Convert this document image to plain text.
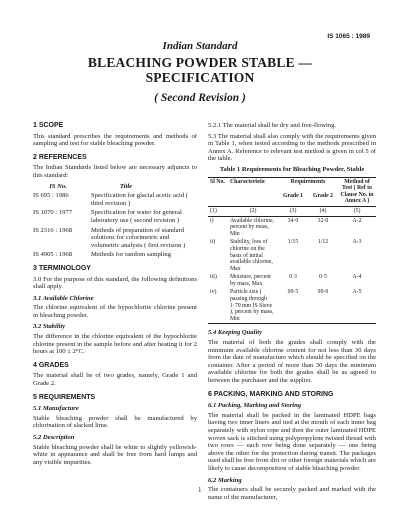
IS 1065 : 1989
Indian Standard
BLEACHING POWDER STABLE —
SPECIFICATION
( Second Revision )
1 SCOPE

This standard prescribes the requirements and methods of sampling and test for stable bleaching powder.

2 REFERENCES

The Indian Standards listed below are necessary adjuncts to this standard:

IS No.	Title
IS 695 : 1986	Specification for glacial acetic acid ( third revision )
IS 1070 : 1977	Specification for water for general laboratory use ( second revision )
IS 2316 : 1968	Methods of preparation of standard solutions for colorimetric and volumetric analysis ( first revision )
IS 4905 : 1968	Methods for random sampling
3 TERMINOLOGY

3.0 For the purpose of this standard, the following definitions shall apply.

3.1 Available Chlorine

The chlorine equivalent of the hypochlorite chlorine present in bleaching powder.

3.2 Stability

The difference in the chlorine equivalent of the hypochlorite chlorine present in the sample before and after heating it for 2 hours at 100 ± 2°C.

4 GRADES

The material shall be of two grades, namely, Grade 1 and Grade 2.

5 REQUIREMENTS
5.1 Manufacture

Stable bleaching powder shall be manufactured by chlorination of slacked lime.

5.2 Description

Stable bleaching powder shall be white to slightly yellowish-white in appearance and shall be free from hard lumps and any visible impurities.

5.2.1 The material shall be dry and free-flowing.

5.3 The material shall also comply with the requirements given in Table 1, when tested according to the methods prescribed in Annex A. Reference to relevant test method is given in col 5 of the table.

Table 1 Requirements for Bleaching Powder, Stable
Sl No.	Characteristic	Requirements		Method of Test ( Ref to Clause No. in Annex A )
		Grade 1	Grade 2	
(1)	(2)	(3)	(4)	(5)
i)	Available chlorine, percent by mass, Min	34·0	32·0	A-2
ii)	Stability, loss of chlorine on the basis of initial available chlorine, Max	1/15	1/12	A-3
iii)	Moisture, percent by mass, Max	0·3	0·5	A-4
iv)	Particle size ( passing through 1·70 mm IS Sieve ), percent by mass, Min	99·5	99·0	A-5
5.4 Keeping Quality

The material of both the grades shall comply with the minimum available chlorine content for not less than 30 days from the date of manufacture which should be specified on the container. After a period of more than 30 days the minimum available chlorine for both the grades shall be as agreed to between the purchaser and the supplier.

6 PACKING, MARKING AND STORING
6.1 Packing, Marking and Storing

The material shall be packed in the laminated HDPE bags having two inner liners and tied at the mouth of each inner bag separately with nylon rope and then the outer laminated HDPE woven sack is stitched using polypropylene twisted thread with two rows — each row being done separately — one being above the other for the protection during transit. The packages used shall be free from dirt or other foreign materials which are likely to cause decomposition of stable bleaching powder.

6.2 Marking

The containers shall be securely packed and marked with the name of the manufacturer,

1
